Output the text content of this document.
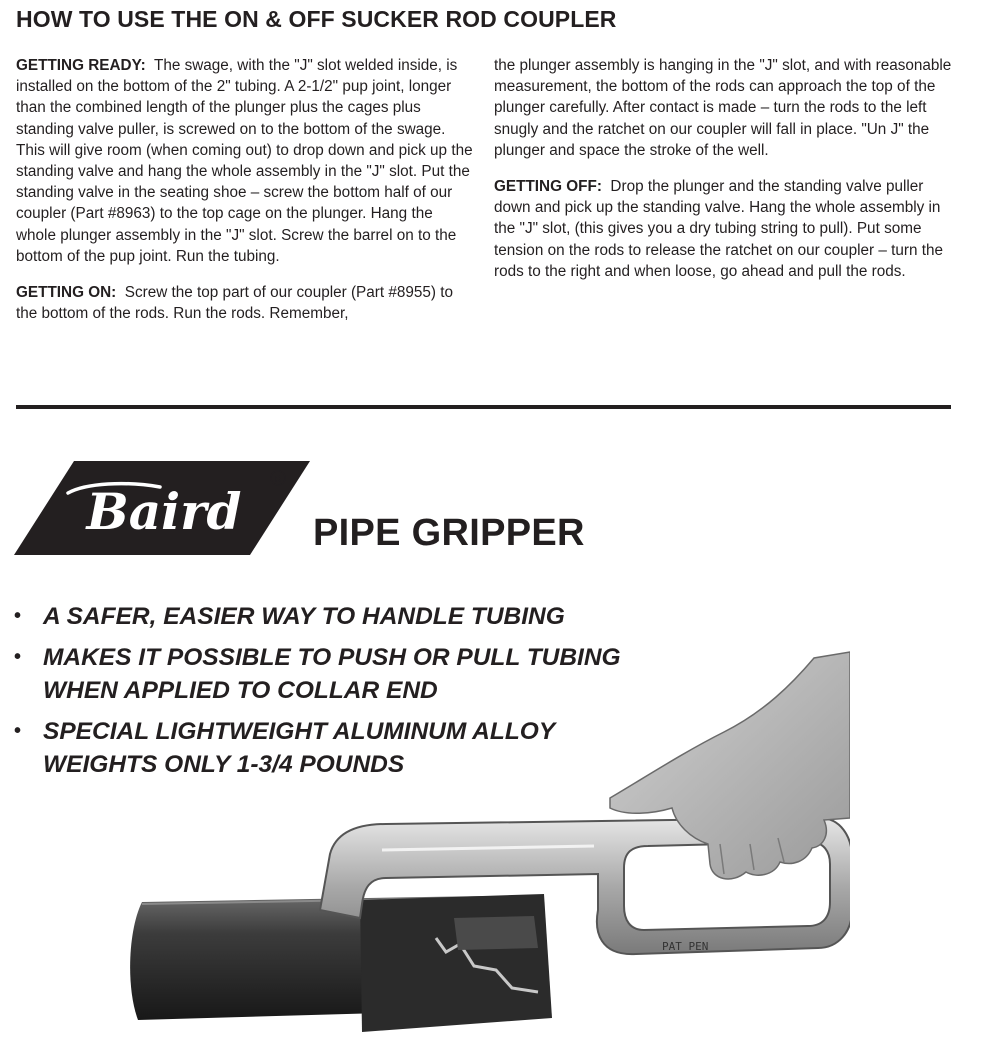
HOW TO USE THE ON & OFF SUCKER ROD COUPLER

GETTING READY: The swage, with the "J" slot welded inside, is installed on the bottom of the 2" tubing. A 2-1/2" pup joint, longer than the combined length of the plunger plus the cages plus standing valve puller, is screwed on to the bottom of the swage. This will give room (when coming out) to drop down and pick up the standing valve and hang the whole assembly in the "J" slot. Put the standing valve in the seating shoe – screw the bottom half of our coupler (Part #8963) to the top cage on the plunger. Hang the whole plunger assembly in the "J" slot. Screw the barrel on to the bottom of the pup joint. Run the tubing.

GETTING ON: Screw the top part of our coupler (Part #8955) to the bottom of the rods. Run the rods. Remember,

the plunger assembly is hanging in the "J" slot, and with reasonable measurement, the bottom of the rods can approach the top of the plunger carefully. After contact is made – turn the rods to the left snugly and the ratchet on our coupler will fall in place. "Un J" the plunger and space the stroke of the well.

GETTING OFF: Drop the plunger and the standing valve puller down and pick up the standing valve. Hang the whole assembly in the "J" slot, (this gives you a dry tubing string to pull). Put some tension on the rods to release the ratchet on our coupler – turn the rods to the right and when loose, go ahead and pull the rods.

Baird
R
PIPE GRIPPER
• A SAFER, EASIER WAY TO HANDLE TUBING
• MAKES IT POSSIBLE TO PUSH OR PULL TUBING WHEN APPLIED TO COLLAR END
• SPECIAL LIGHTWEIGHT ALUMINUM ALLOY WEIGHTS ONLY 1-3/4 POUNDS
PAT PEN
